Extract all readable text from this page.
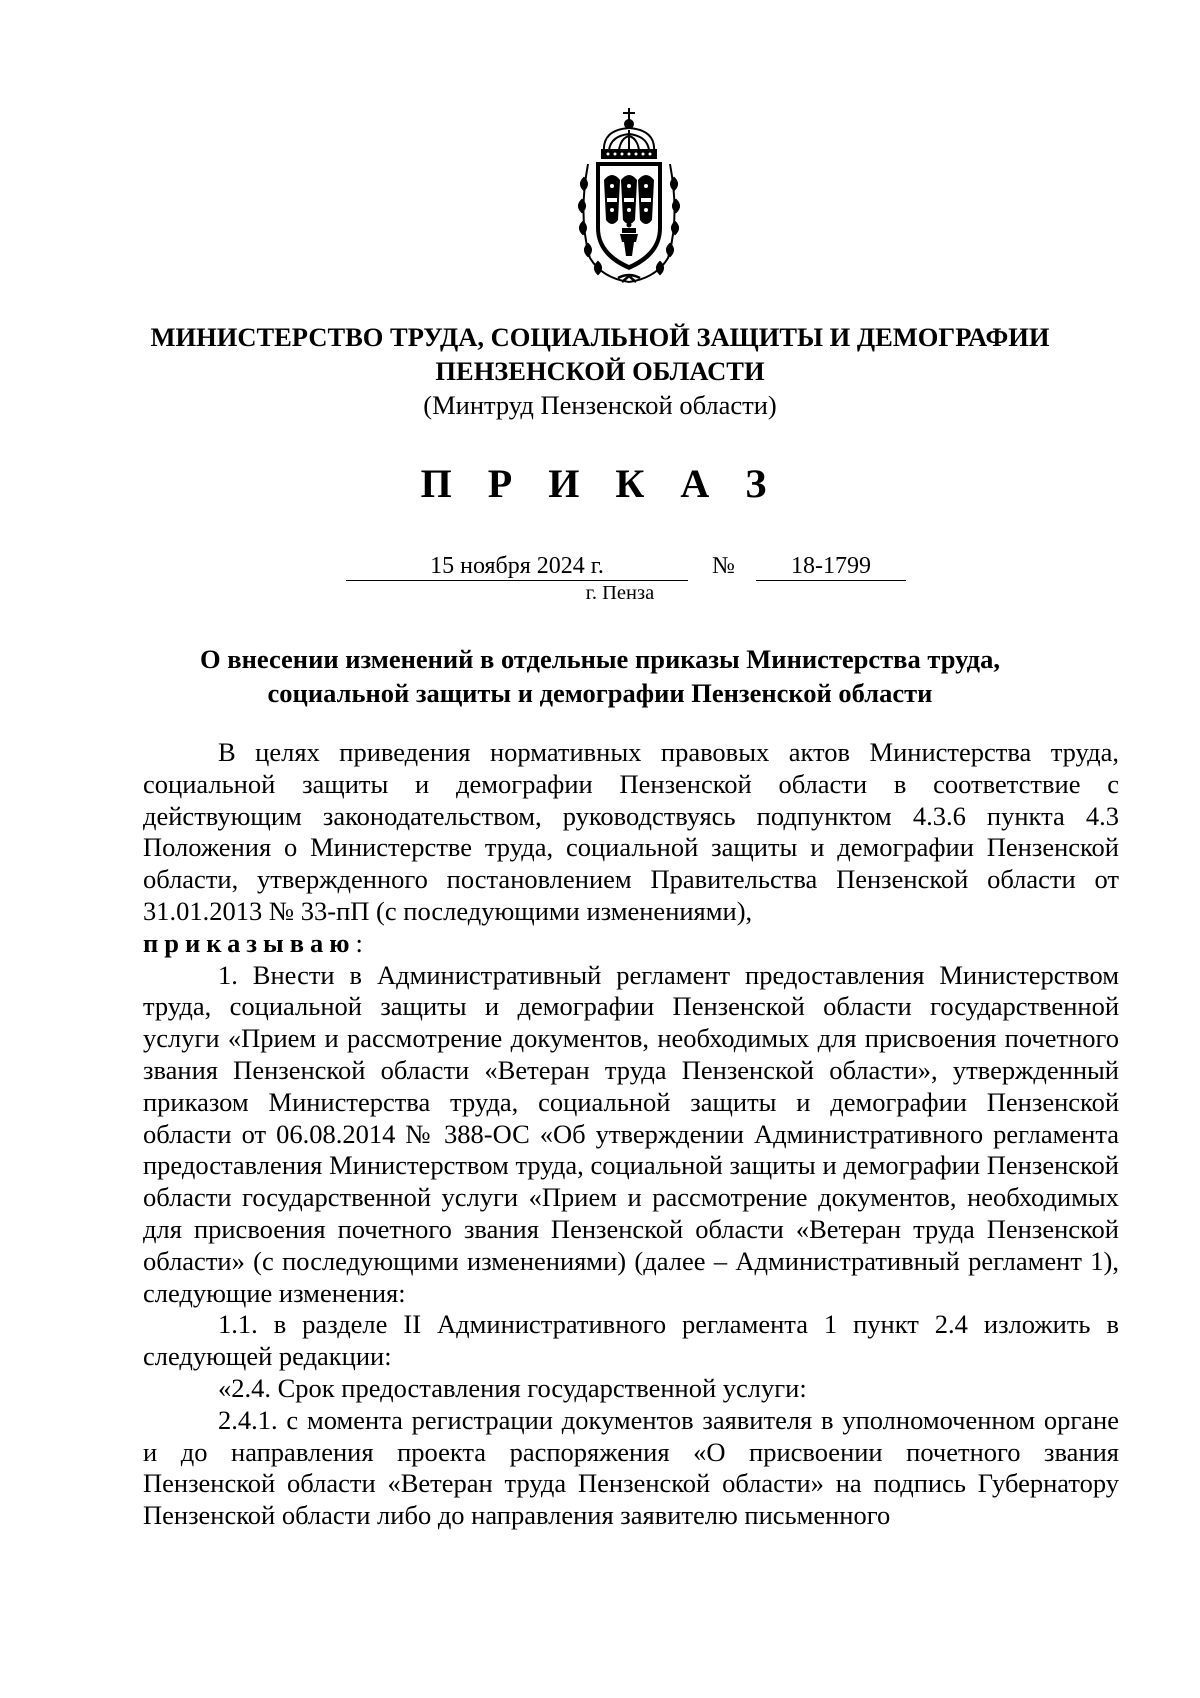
МИНИСТЕРСТВО ТРУДА, СОЦИАЛЬНОЙ ЗАЩИТЫ И ДЕМОГРАФИИ
ПЕНЗЕНСКОЙ ОБЛАСТИ
(Минтруд Пензенской области)
П Р И К А З
15 ноября 2024 г.	№	18-1799
г. Пенза
О внесении изменений в отдельные приказы Министерства труда,
социальной защиты и демографии Пензенской области

В целях приведения нормативных правовых актов Министерства труда, социальной защиты и демографии Пензенской области в соответствие с действующим законодательством, руководствуясь подпунктом 4.3.6 пункта 4.3 Положения о Министерстве труда, социальной защиты и демографии Пензенской области, утвержденного постановлением Правительства Пензенской области от 31.01.2013 № 33-пП (с последующими изменениями),
приказываю:

1. Внести в Административный регламент предоставления Министерством труда, социальной защиты и демографии Пензенской области государственной услуги «Прием и рассмотрение документов, необходимых для присвоения почетного звания Пензенской области «Ветеран труда Пензенской области», утвержденный приказом Министерства труда, социальной защиты и демографии Пензенской области от 06.08.2014 № 388-ОС «Об утверждении Административного регламента предоставления Министерством труда, социальной защиты и демографии Пензенской области государственной услуги «Прием и рассмотрение документов, необходимых для присвоения почетного звания Пензенской области «Ветеран труда Пензенской области» (с последующими изменениями) (далее – Административный регламент 1), следующие изменения:

1.1. в разделе II Административного регламента 1 пункт 2.4 изложить в следующей редакции:

«2.4. Срок предоставления государственной услуги:

2.4.1. с момента регистрации документов заявителя в уполномоченном органе и до направления проекта распоряжения «О присвоении почетного звания Пензенской области «Ветеран труда Пензенской области» на подпись Губернатору Пензенской области либо до направления заявителю письменного
